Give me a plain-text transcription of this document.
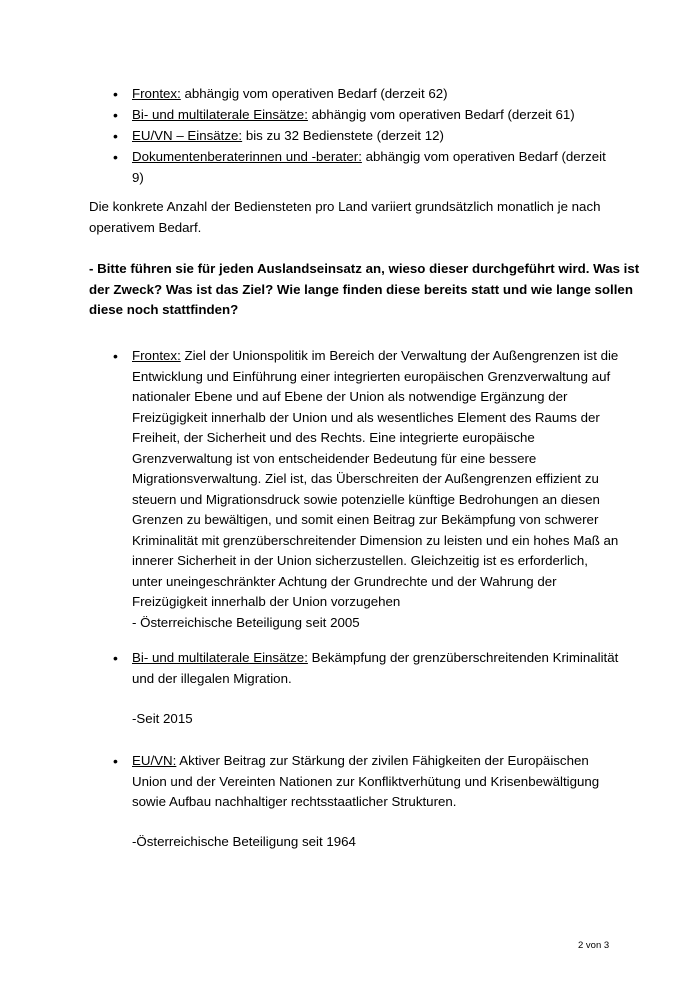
• Frontex: abhängig vom operativen Bedarf (derzeit 62)
• Bi- und multilaterale Einsätze: abhängig vom operativen Bedarf (derzeit 61)
• EU/VN – Einsätze: bis zu 32 Bedienstete (derzeit 12)
• Dokumentenberaterinnen und -berater: abhängig vom operativen Bedarf (derzeit
9)
Die konkrete Anzahl der Bediensteten pro Land variiert grundsätzlich monatlich je nach
operativem Bedarf.
- Bitte führen sie für jeden Auslandseinsatz an, wieso dieser durchgeführt wird. Was ist
der Zweck? Was ist das Ziel? Wie lange finden diese bereits statt und wie lange sollen
diese noch stattfinden?
• Frontex: Ziel der Unionspolitik im Bereich der Verwaltung der Außengrenzen ist die
Entwicklung und Einführung einer integrierten europäischen Grenzverwaltung auf
nationaler Ebene und auf Ebene der Union als notwendige Ergänzung der
Freizügigkeit innerhalb der Union und als wesentliches Element des Raums der
Freiheit, der Sicherheit und des Rechts. Eine integrierte europäische
Grenzverwaltung ist von entscheidender Bedeutung für eine bessere
Migrationsverwaltung. Ziel ist, das Überschreiten der Außengrenzen effizient zu
steuern und Migrationsdruck sowie potenzielle künftige Bedrohungen an diesen
Grenzen zu bewältigen, und somit einen Beitrag zur Bekämpfung von schwerer
Kriminalität mit grenzüberschreitender Dimension zu leisten und ein hohes Maß an
innerer Sicherheit in der Union sicherzustellen. Gleichzeitig ist es erforderlich,
unter uneingeschränkter Achtung der Grundrechte und der Wahrung der
Freizügigkeit innerhalb der Union vorzugehen
- Österreichische Beteiligung seit 2005
• Bi- und multilaterale Einsätze: Bekämpfung der grenzüberschreitenden Kriminalität
und der illegalen Migration.
-Seit 2015
• EU/VN: Aktiver Beitrag zur Stärkung der zivilen Fähigkeiten der Europäischen
Union und der Vereinten Nationen zur Konfliktverhütung und Krisenbewältigung
sowie Aufbau nachhaltiger rechtsstaatlicher Strukturen.
-Österreichische Beteiligung seit 1964
2 von 3
